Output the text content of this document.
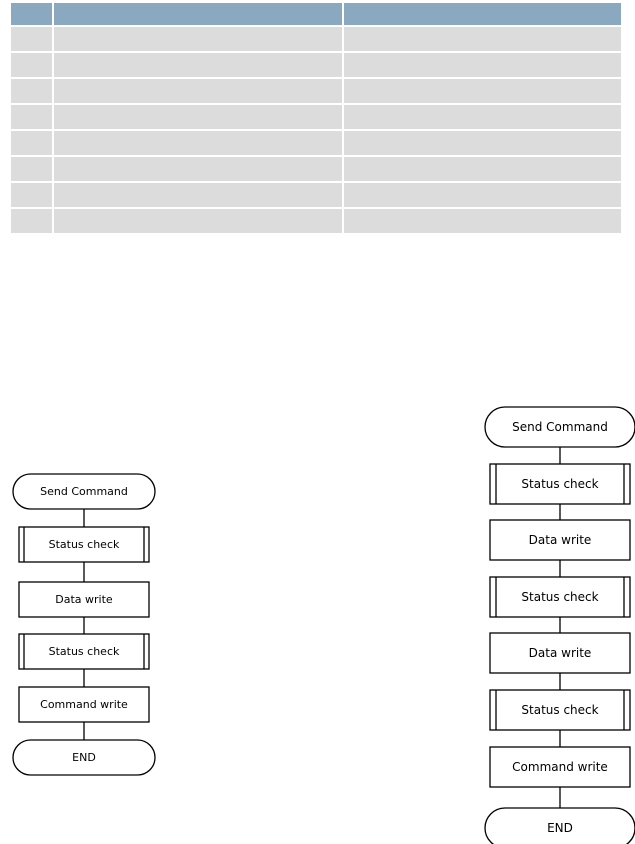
Send Command
Status check
Data write
Status check
Command write
END
Send Command
Status check
Data write
Status check
Data write
Status check
Command write
END
